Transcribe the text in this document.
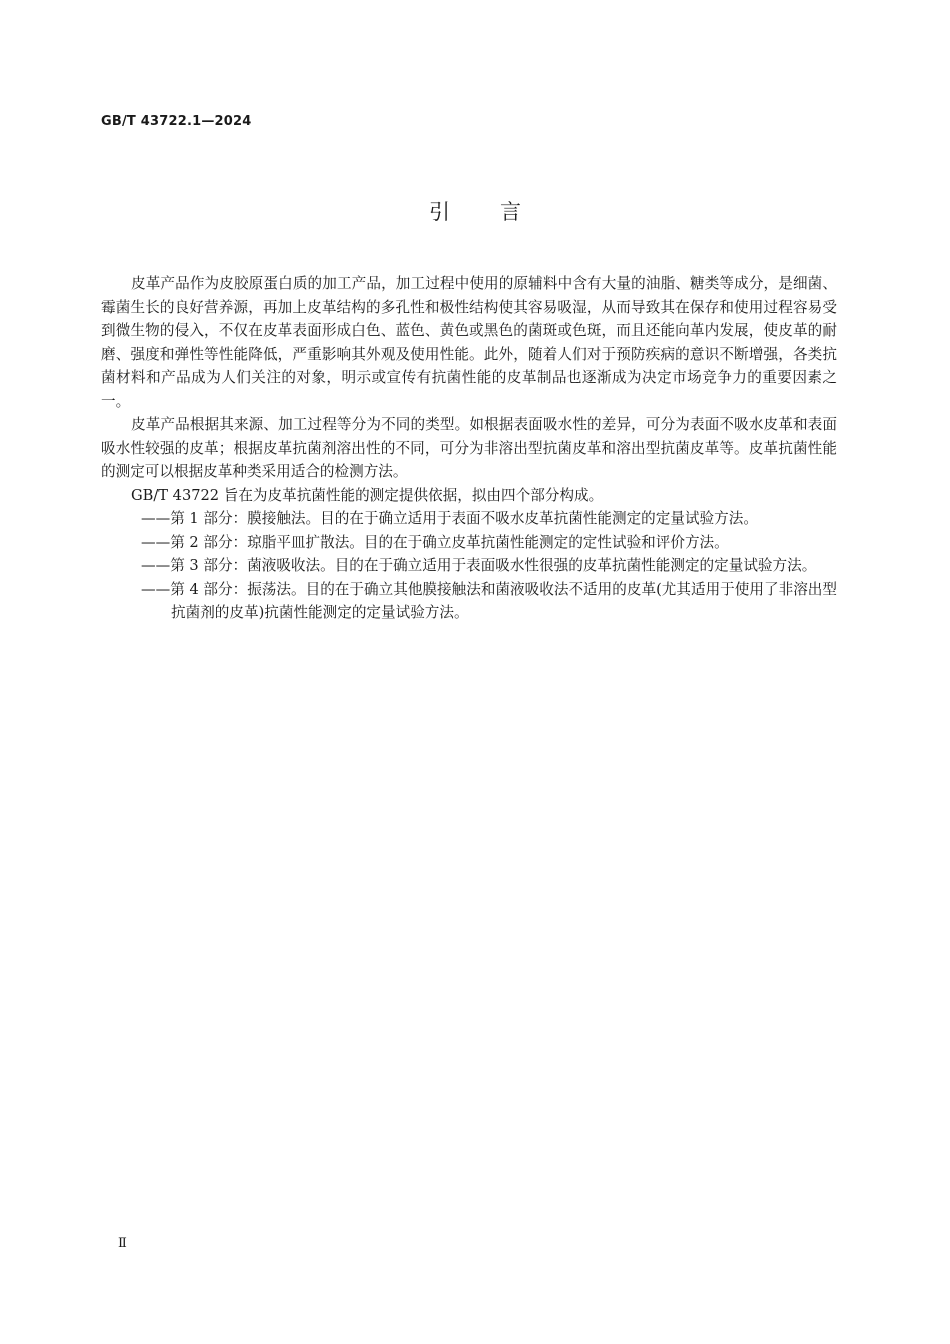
GB/T 43722.1—2024
引 言

皮革产品作为皮胶原蛋白质的加工产品，加工过程中使用的原辅料中含有大量的油脂、糖类等成分，是细菌、霉菌生长的良好营养源，再加上皮革结构的多孔性和极性结构使其容易吸湿，从而导致其在保存和使用过程容易受到微生物的侵入，不仅在皮革表面形成白色、蓝色、黄色或黑色的菌斑或色斑，而且还能向革内发展，使皮革的耐磨、强度和弹性等性能降低，严重影响其外观及使用性能。此外，随着人们对于预防疾病的意识不断增强，各类抗菌材料和产品成为人们关注的对象，明示或宣传有抗菌性能的皮革制品也逐渐成为决定市场竞争力的重要因素之一。

皮革产品根据其来源、加工过程等分为不同的类型。如根据表面吸水性的差异，可分为表面不吸水皮革和表面吸水性较强的皮革；根据皮革抗菌剂溶出性的不同，可分为非溶出型抗菌皮革和溶出型抗菌皮革等。皮革抗菌性能的测定可以根据皮革种类采用适合的检测方法。

GB/T 43722 旨在为皮革抗菌性能的测定提供依据，拟由四个部分构成。

——第 1 部分：膜接触法。目的在于确立适用于表面不吸水皮革抗菌性能测定的定量试验方法。
——第 2 部分：琼脂平皿扩散法。目的在于确立皮革抗菌性能测定的定性试验和评价方法。
——第 3 部分：菌液吸收法。目的在于确立适用于表面吸水性很强的皮革抗菌性能测定的定量试验方法。
——第 4 部分：振荡法。目的在于确立其他膜接触法和菌液吸收法不适用的皮革(尤其适用于使用了非溶出型抗菌剂的皮革)抗菌性能测定的定量试验方法。
Ⅱ
